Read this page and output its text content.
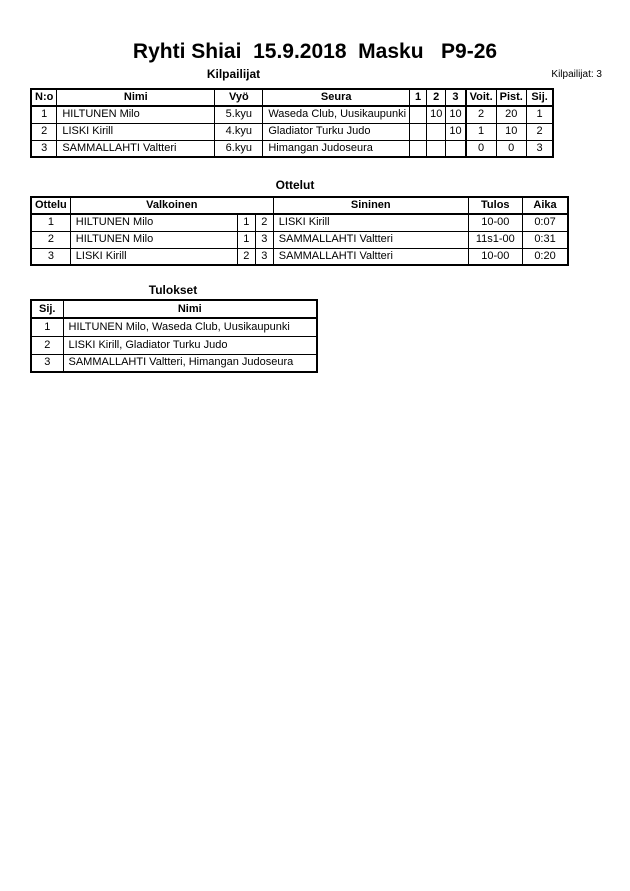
Ryhti Shiai  15.9.2018  Masku   P9-26
Kilpailijat	Kilpailijat: 3
N:o	Nimi	Vyö	Seura	1	2	3	Voit.	Pist.	Sij.
1	HILTUNEN Milo	5.kyu	Waseda Club, Uusikaupunki		10	10	2	20	1
2	LISKI Kirill	4.kyu	Gladiator Turku Judo			10	1	10	2
3	SAMMALLAHTI Valtteri	6.kyu	Himangan Judoseura				0	0	3
Ottelut
Ottelu	Valkoinen			Sininen	Tulos	Aika
1	HILTUNEN Milo	1	2	LISKI Kirill	10-00	0:07
2	HILTUNEN Milo	1	3	SAMMALLAHTI Valtteri	11s1-00	0:31
3	LISKI Kirill	2	3	SAMMALLAHTI Valtteri	10-00	0:20
Tulokset
Sij.	Nimi
1	HILTUNEN Milo, Waseda Club, Uusikaupunki
2	LISKI Kirill, Gladiator Turku Judo
3	SAMMALLAHTI Valtteri, Himangan Judoseura
